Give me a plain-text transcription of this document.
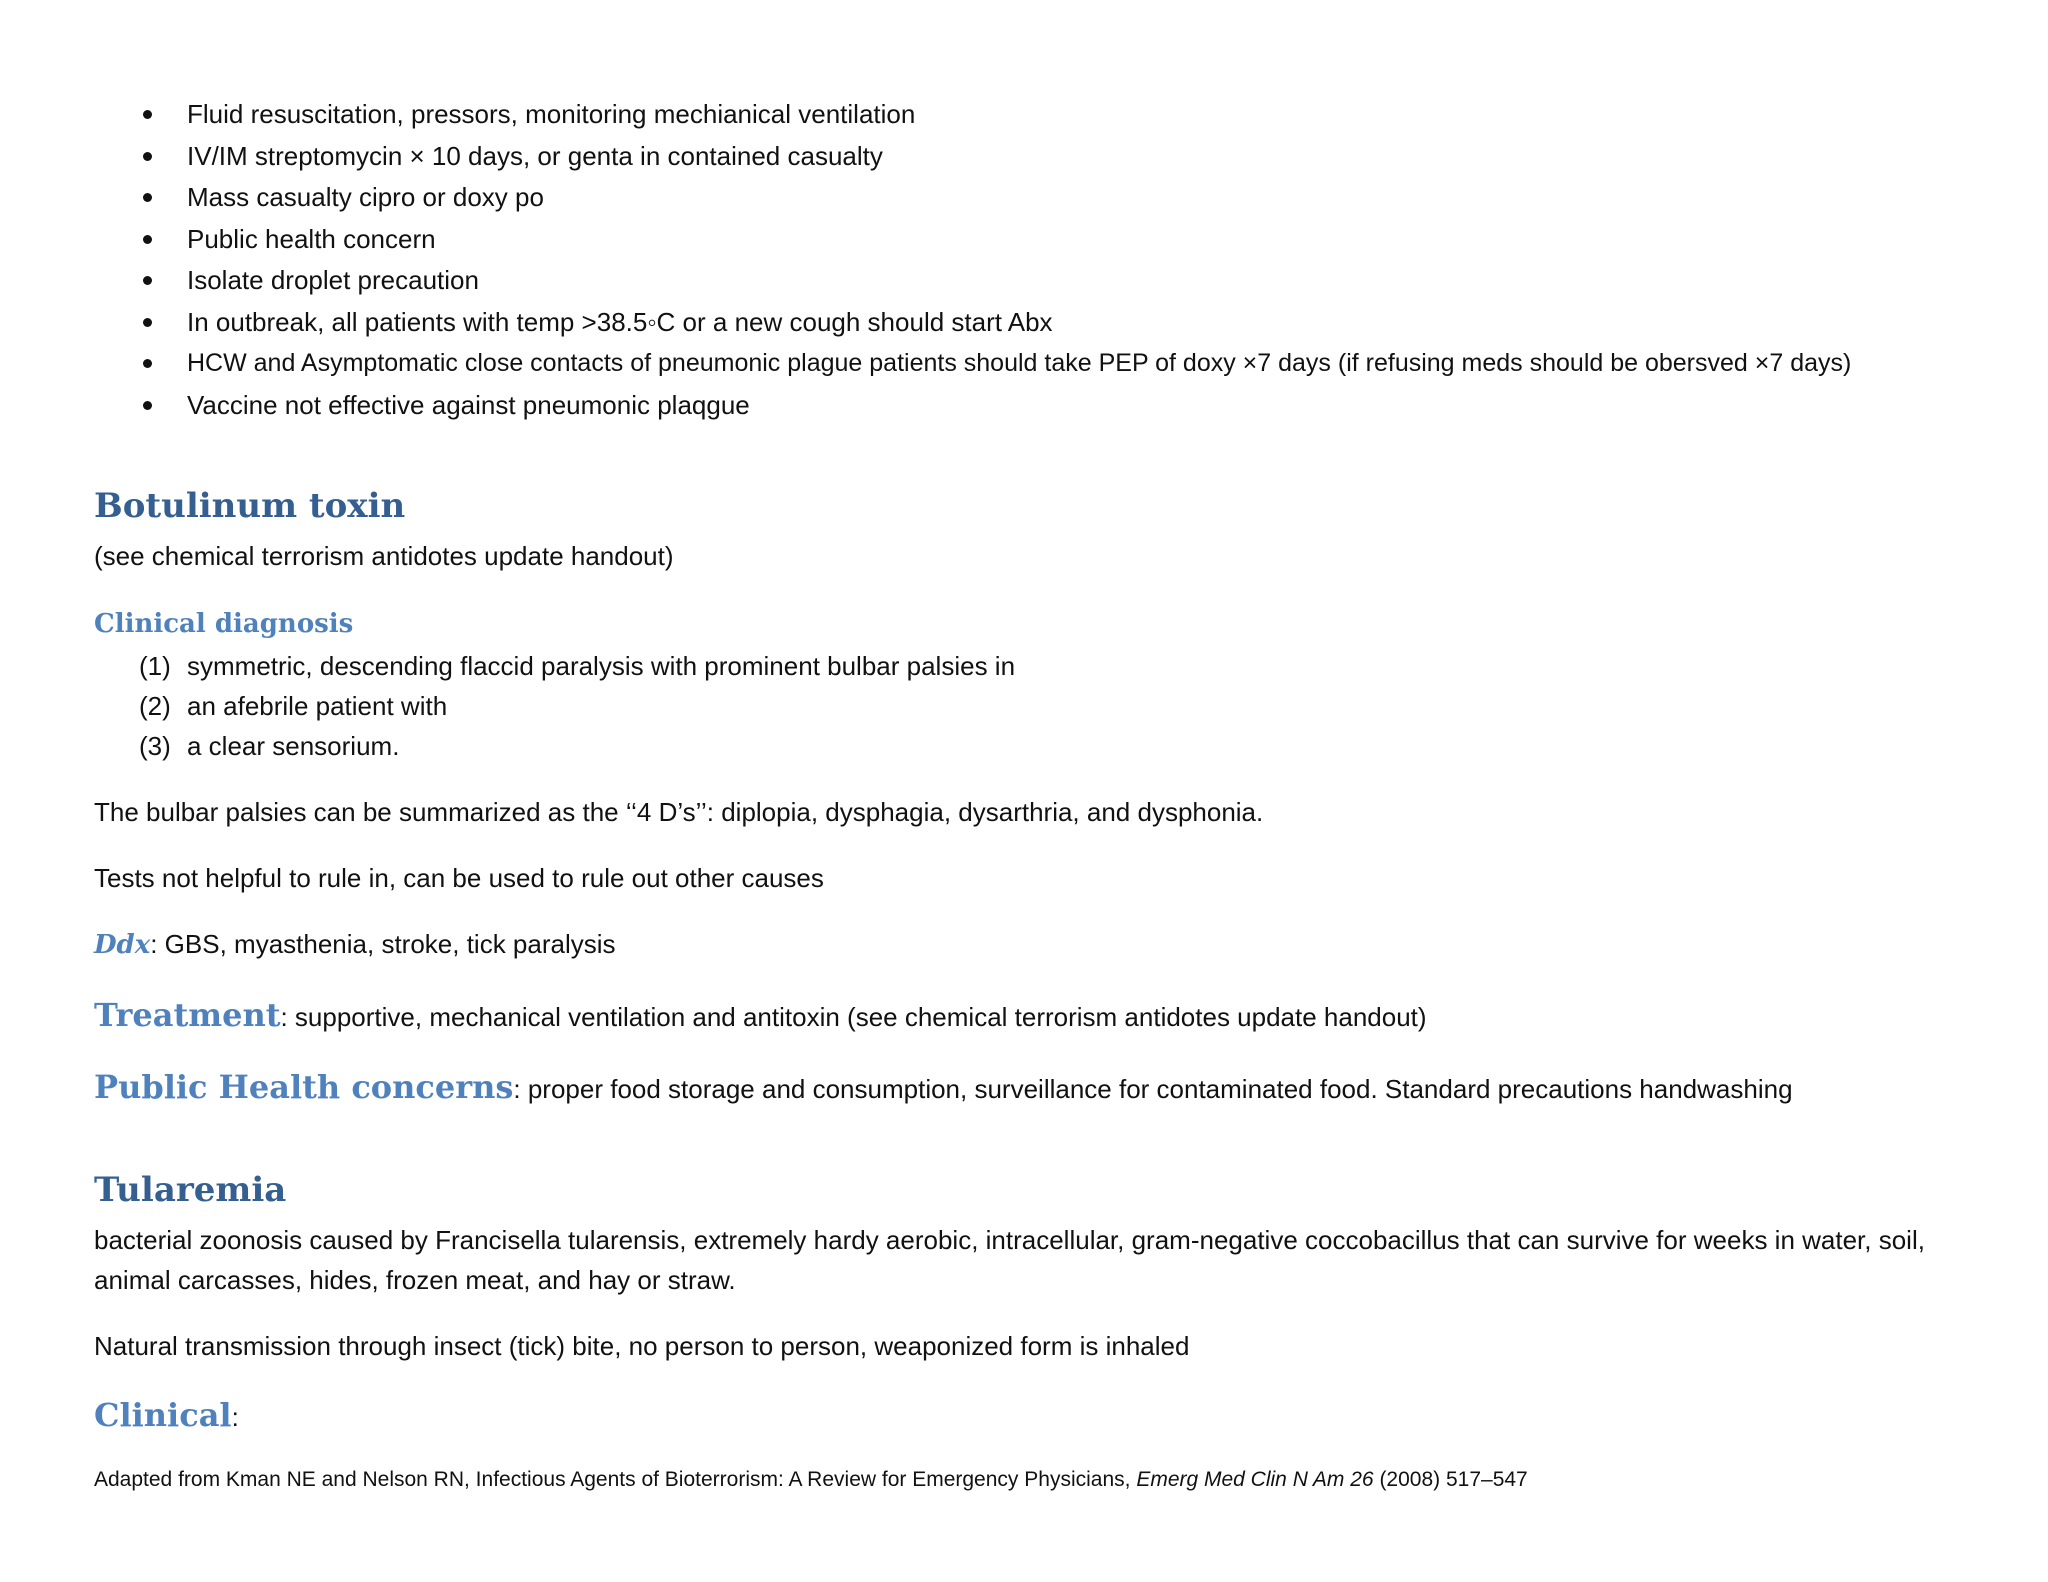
Fluid resuscitation, pressors, monitoring mechianical ventilation
IV/IM streptomycin × 10 days, or genta in contained casualty
Mass casualty cipro or doxy po
Public health concern
Isolate droplet precaution
In outbreak, all patients with temp >38.5◦C or a new cough should start Abx
HCW and Asymptomatic close contacts of pneumonic plague patients should take PEP of doxy ×7 days (if refusing meds should be obersved ×7 days)
Vaccine not effective against pneumonic plaqgue
Botulinum toxin
(see chemical terrorism antidotes update handout)
Clinical diagnosis
(1) symmetric, descending flaccid paralysis with prominent bulbar palsies in
(2) an afebrile patient with
(3) a clear sensorium.
The bulbar palsies can be summarized as the ‘‘4 D’s’’: diplopia, dysphagia, dysarthria, and dysphonia.
Tests not helpful to rule in, can be used to rule out other causes
Ddx: GBS, myasthenia, stroke, tick paralysis
Treatment: supportive, mechanical ventilation and antitoxin (see chemical terrorism antidotes update handout)
Public Health concerns: proper food storage and consumption, surveillance for contaminated food. Standard precautions handwashing
Tularemia
bacterial zoonosis caused by Francisella tularensis, extremely hardy aerobic, intracellular, gram-negative coccobacillus that can survive for weeks in water, soil,
animal carcasses, hides, frozen meat, and hay or straw.
Natural transmission through insect (tick) bite, no person to person, weaponized form is inhaled
Clinical:
Adapted from Kman NE and Nelson RN, Infectious Agents of Bioterrorism: A Review for Emergency Physicians, Emerg Med Clin N Am 26 (2008) 517–547
